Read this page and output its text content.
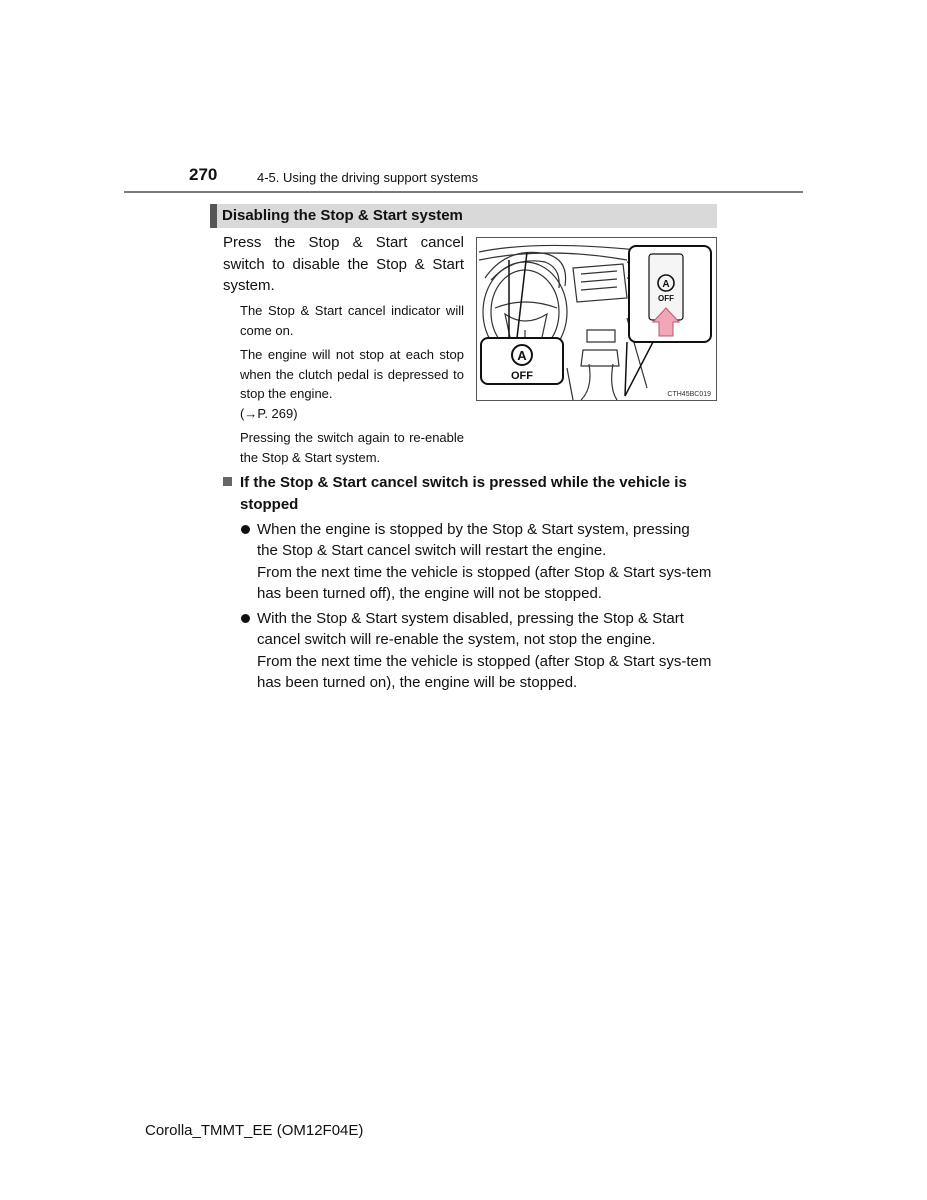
270	4-5. Using the driving support systems
Disabling the Stop & Start system
Press the Stop & Start cancel switch to disable the Stop & Start system.
The Stop & Start cancel indicator will come on.
The engine will not stop at each stop when the clutch pedal is depressed to stop the engine.
(→P. 269)
Pressing the switch again to re-enable the Stop & Start system.
A
OFF
A
OFF
CTH45BC019
If the Stop & Start cancel switch is pressed while the vehicle is stopped
When the engine is stopped by the Stop & Start system, pressing the Stop & Start cancel switch will restart the engine.
From the next time the vehicle is stopped (after Stop & Start sys-tem has been turned off), the engine will not be stopped.
With the Stop & Start system disabled, pressing the Stop & Start cancel switch will re-enable the system, not stop the engine.
From the next time the vehicle is stopped (after Stop & Start sys-tem has been turned on), the engine will be stopped.
Corolla_TMMT_EE (OM12F04E)
